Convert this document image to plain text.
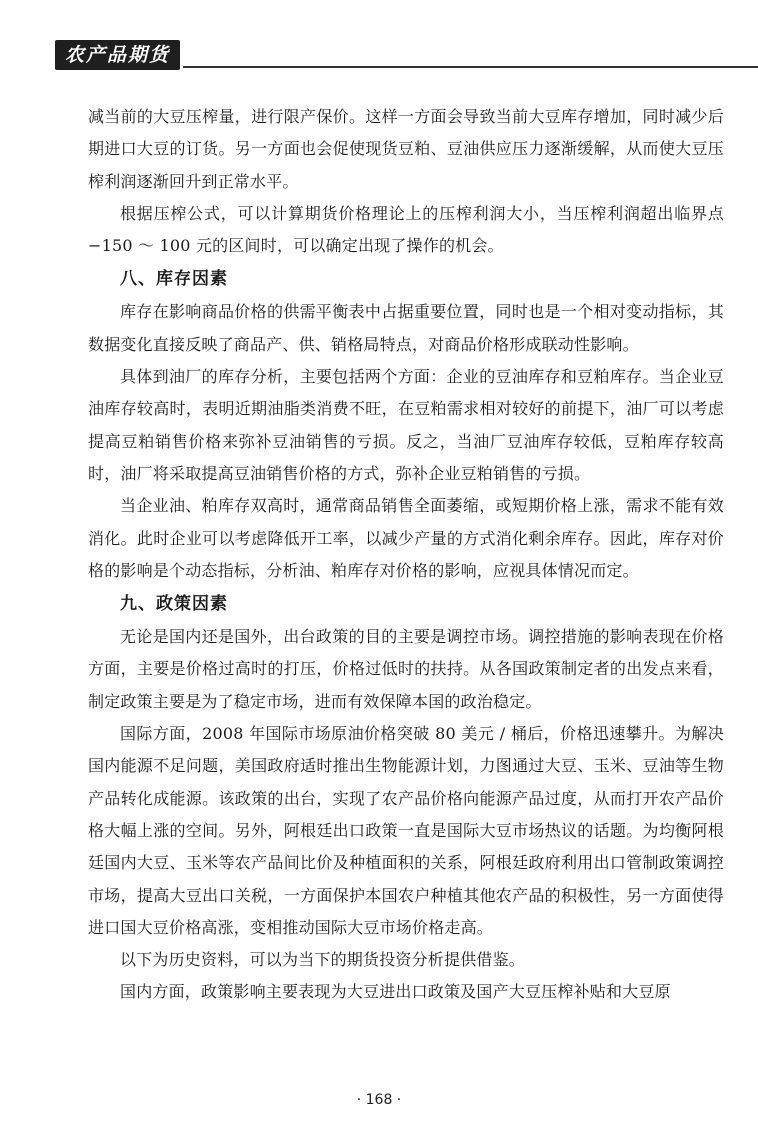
农产品期货

减当前的大豆压榨量，进行限产保价。这样一方面会导致当前大豆库存增加，同时减少后期进口大豆的订货。另一方面也会促使现货豆粕、豆油供应压力逐渐缓解，从而使大豆压榨利润逐渐回升到正常水平。

根据压榨公式，可以计算期货价格理论上的压榨利润大小，当压榨利润超出临界点 −150 ～ 100 元的区间时，可以确定出现了操作的机会。

八、库存因素

库存在影响商品价格的供需平衡表中占据重要位置，同时也是一个相对变动指标，其数据变化直接反映了商品产、供、销格局特点，对商品价格形成联动性影响。

具体到油厂的库存分析，主要包括两个方面：企业的豆油库存和豆粕库存。当企业豆油库存较高时，表明近期油脂类消费不旺，在豆粕需求相对较好的前提下，油厂可以考虑提高豆粕销售价格来弥补豆油销售的亏损。反之，当油厂豆油库存较低，豆粕库存较高时，油厂将采取提高豆油销售价格的方式，弥补企业豆粕销售的亏损。

当企业油、粕库存双高时，通常商品销售全面萎缩，或短期价格上涨，需求不能有效消化。此时企业可以考虑降低开工率，以减少产量的方式消化剩余库存。因此，库存对价格的影响是个动态指标，分析油、粕库存对价格的影响，应视具体情况而定。

九、政策因素

无论是国内还是国外，出台政策的目的主要是调控市场。调控措施的影响表现在价格方面，主要是价格过高时的打压，价格过低时的扶持。从各国政策制定者的出发点来看，制定政策主要是为了稳定市场，进而有效保障本国的政治稳定。

国际方面，2008 年国际市场原油价格突破 80 美元 / 桶后，价格迅速攀升。为解决国内能源不足问题，美国政府适时推出生物能源计划，力图通过大豆、玉米、豆油等生物产品转化成能源。该政策的出台，实现了农产品价格向能源产品过度，从而打开农产品价格大幅上涨的空间。另外，阿根廷出口政策一直是国际大豆市场热议的话题。为均衡阿根廷国内大豆、玉米等农产品间比价及种植面积的关系，阿根廷政府利用出口管制政策调控市场，提高大豆出口关税，一方面保护本国农户种植其他农产品的积极性，另一方面使得进口国大豆价格高涨，变相推动国际大豆市场价格走高。

以下为历史资料，可以为当下的期货投资分析提供借鉴。

国内方面，政策影响主要表现为大豆进出口政策及国产大豆压榨补贴和大豆原

· 168 ·
